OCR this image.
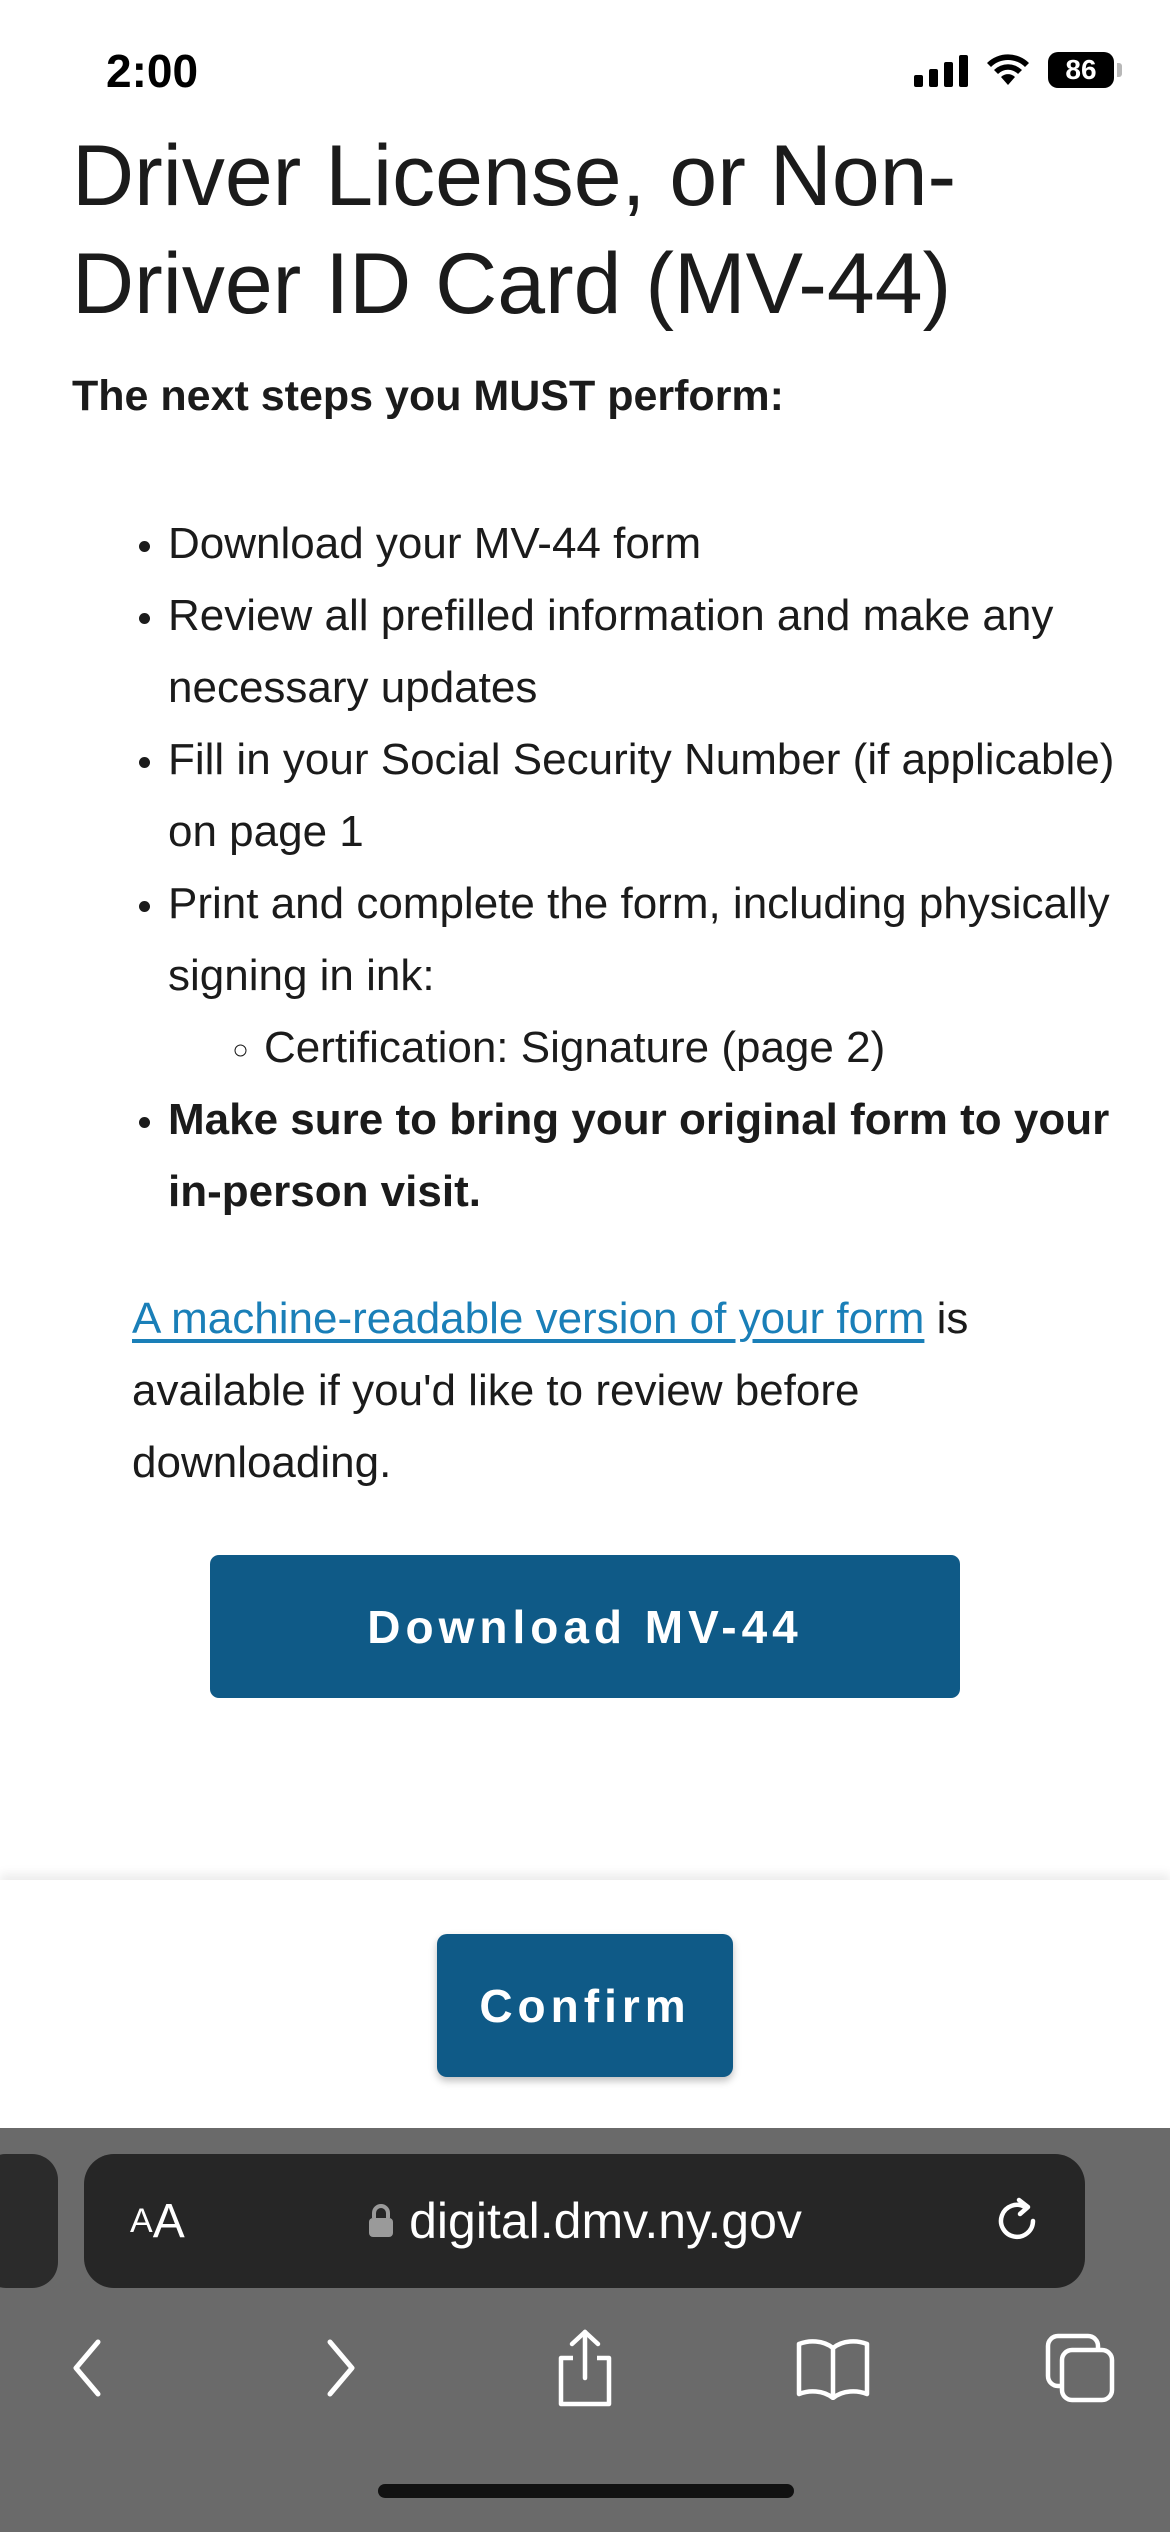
2:00	86
Driver License, or Non-Driver ID Card (MV-44)

The next steps you MUST perform:

• Download your MV-44 form
• Review all prefilled information and make any necessary updates
• Fill in your Social Security Number (if applicable) on page 1
• Print and complete the form, including physically signing in ink:
◦ Certification: Signature (page 2)
• Make sure to bring your original form to your in-person visit.

A machine-readable version of your form is available if you'd like to review before downloading.

Download MV-44
Confirm
A A	digital.dmv.ny.gov
